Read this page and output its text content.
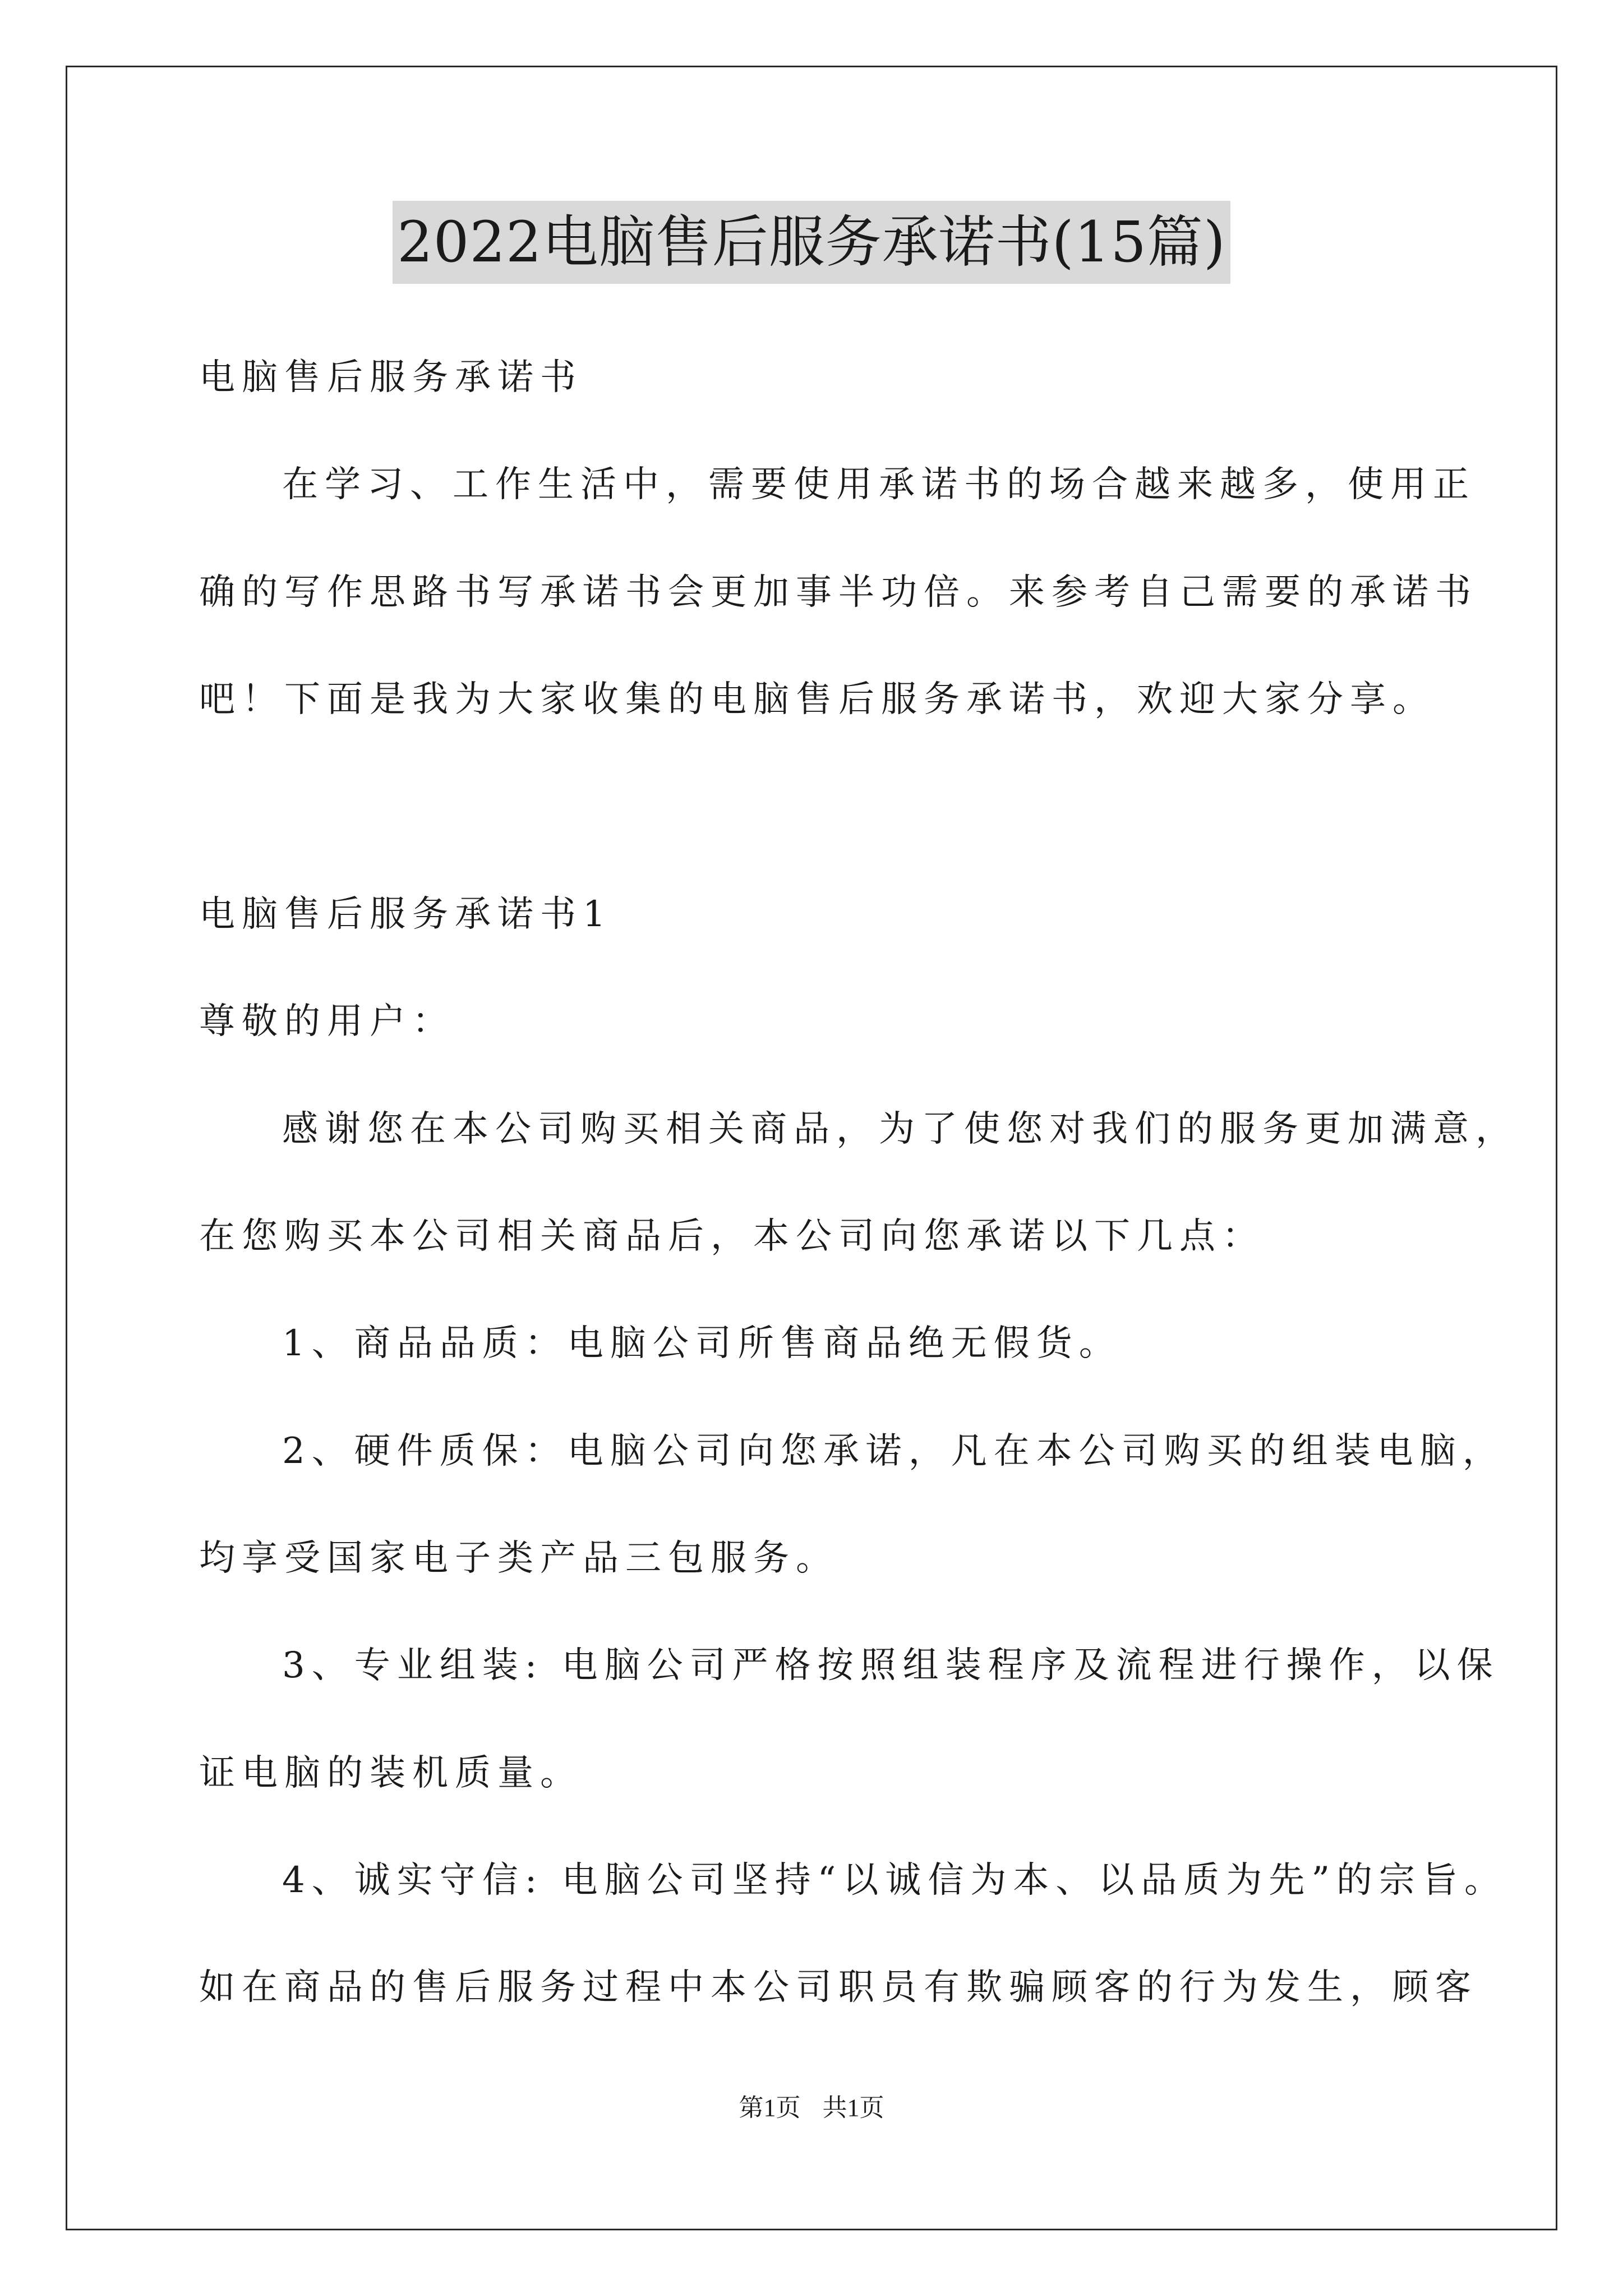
2022电脑售后服务承诺书(15篇)
电脑售后服务承诺书
在学习、工作生活中，需要使用承诺书的场合越来越多，使用正
确的写作思路书写承诺书会更加事半功倍。来参考自己需要的承诺书
吧！下面是我为大家收集的电脑售后服务承诺书，欢迎大家分享。
电脑售后服务承诺书1
尊敬的用户：
感谢您在本公司购买相关商品，为了使您对我们的服务更加满意，
在您购买本公司相关商品后，本公司向您承诺以下几点：
1、商品品质：电脑公司所售商品绝无假货。
2、硬件质保：电脑公司向您承诺，凡在本公司购买的组装电脑，
均享受国家电子类产品三包服务。
3、专业组装: 电脑公司严格按照组装程序及流程进行操作，以保
证电脑的装机质量。
4、诚实守信: 电脑公司坚持“以诚信为本、以品质为先”的宗旨。
如在商品的售后服务过程中本公司职员有欺骗顾客的行为发生，顾客
第1页 共1页
